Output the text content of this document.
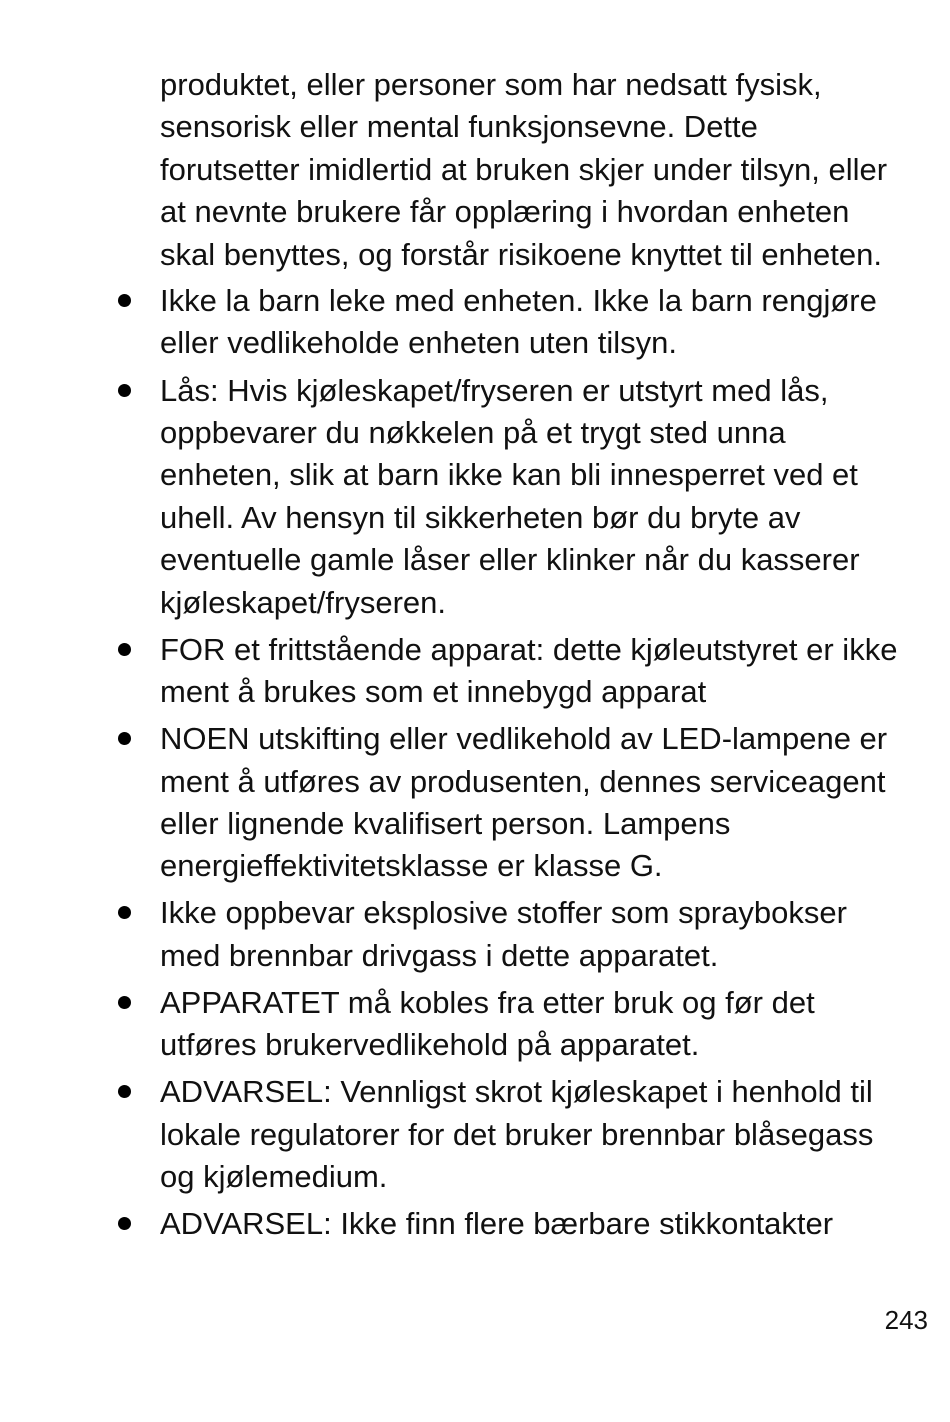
produktet, eller personer som har nedsatt fysisk, sensorisk eller mental funksjonsevne. Dette forutsetter imidlertid at bruken skjer under tilsyn, eller at nevnte brukere får opplæring i hvordan enheten skal benyttes, og forstår risikoene knyttet til enheten.

Ikke la barn leke med enheten. Ikke la barn rengjøre eller vedlikeholde enheten uten tilsyn.
Lås: Hvis kjøleskapet/fryseren er utstyrt med lås, oppbevarer du nøkkelen på et trygt sted unna enheten, slik at barn ikke kan bli innesperret ved et uhell. Av hensyn til sikkerheten bør du bryte av eventuelle gamle låser eller klinker når du kasserer kjøleskapet/fryseren.
FOR et frittstående apparat: dette kjøleutstyret er ikke ment å brukes som et innebygd apparat
NOEN utskifting eller vedlikehold av LED-lampene er ment å utføres av produsenten, dennes serviceagent eller lignende kvalifisert person. Lampens energieffektivitetsklasse er klasse G.
Ikke oppbevar eksplosive stoffer som spraybokser med brennbar drivgass i dette apparatet.
APPARATET må kobles fra etter bruk og før det utføres brukervedlikehold på apparatet.
ADVARSEL: Vennligst skrot kjøleskapet i henhold til lokale regulatorer for det bruker brennbar blåsegass og kjølemedium.
ADVARSEL: Ikke finn flere bærbare stikkontakter
243
